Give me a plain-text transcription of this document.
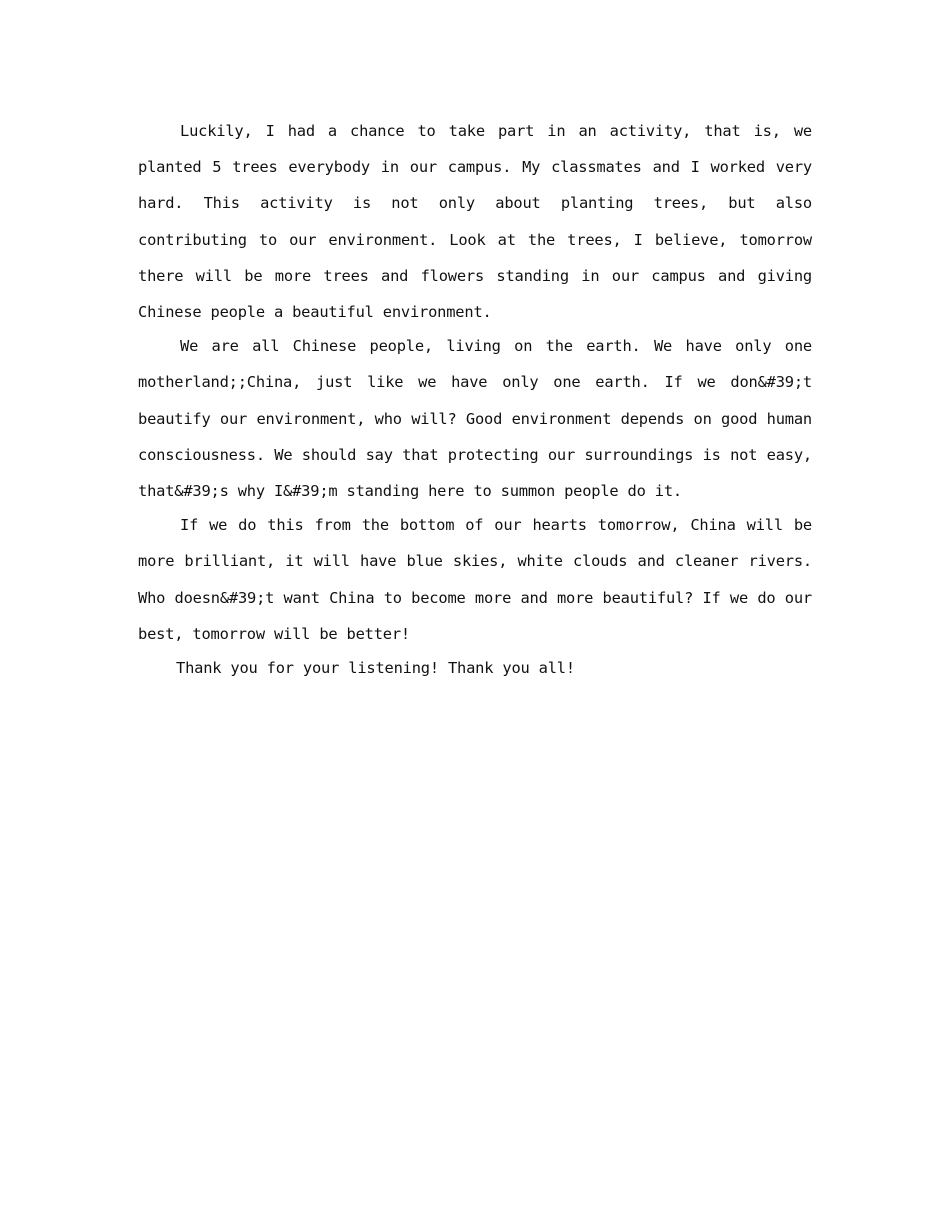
Luckily, I had a chance to take part in an activity, that is, we planted 5 trees everybody in our campus. My classmates and I worked very hard. This activity is not only about planting trees, but also contributing to our environment. Look at the trees, I believe, tomorrow there will be more trees and flowers standing in our campus and giving Chinese people a beautiful environment.

We are all Chinese people, living on the earth. We have only one motherland;;China, just like we have only one earth. If we don&#39;t beautify our environment, who will? Good environment depends on good human consciousness. We should say that protecting our surroundings is not easy, that&#39;s why I&#39;m standing here to summon people do it.

If we do this from the bottom of our hearts tomorrow, China will be more brilliant, it will have blue skies, white clouds and cleaner rivers. Who doesn&#39;t want China to become more and more beautiful? If we do our best, tomorrow will be better!

Thank you for your listening! Thank you all!
